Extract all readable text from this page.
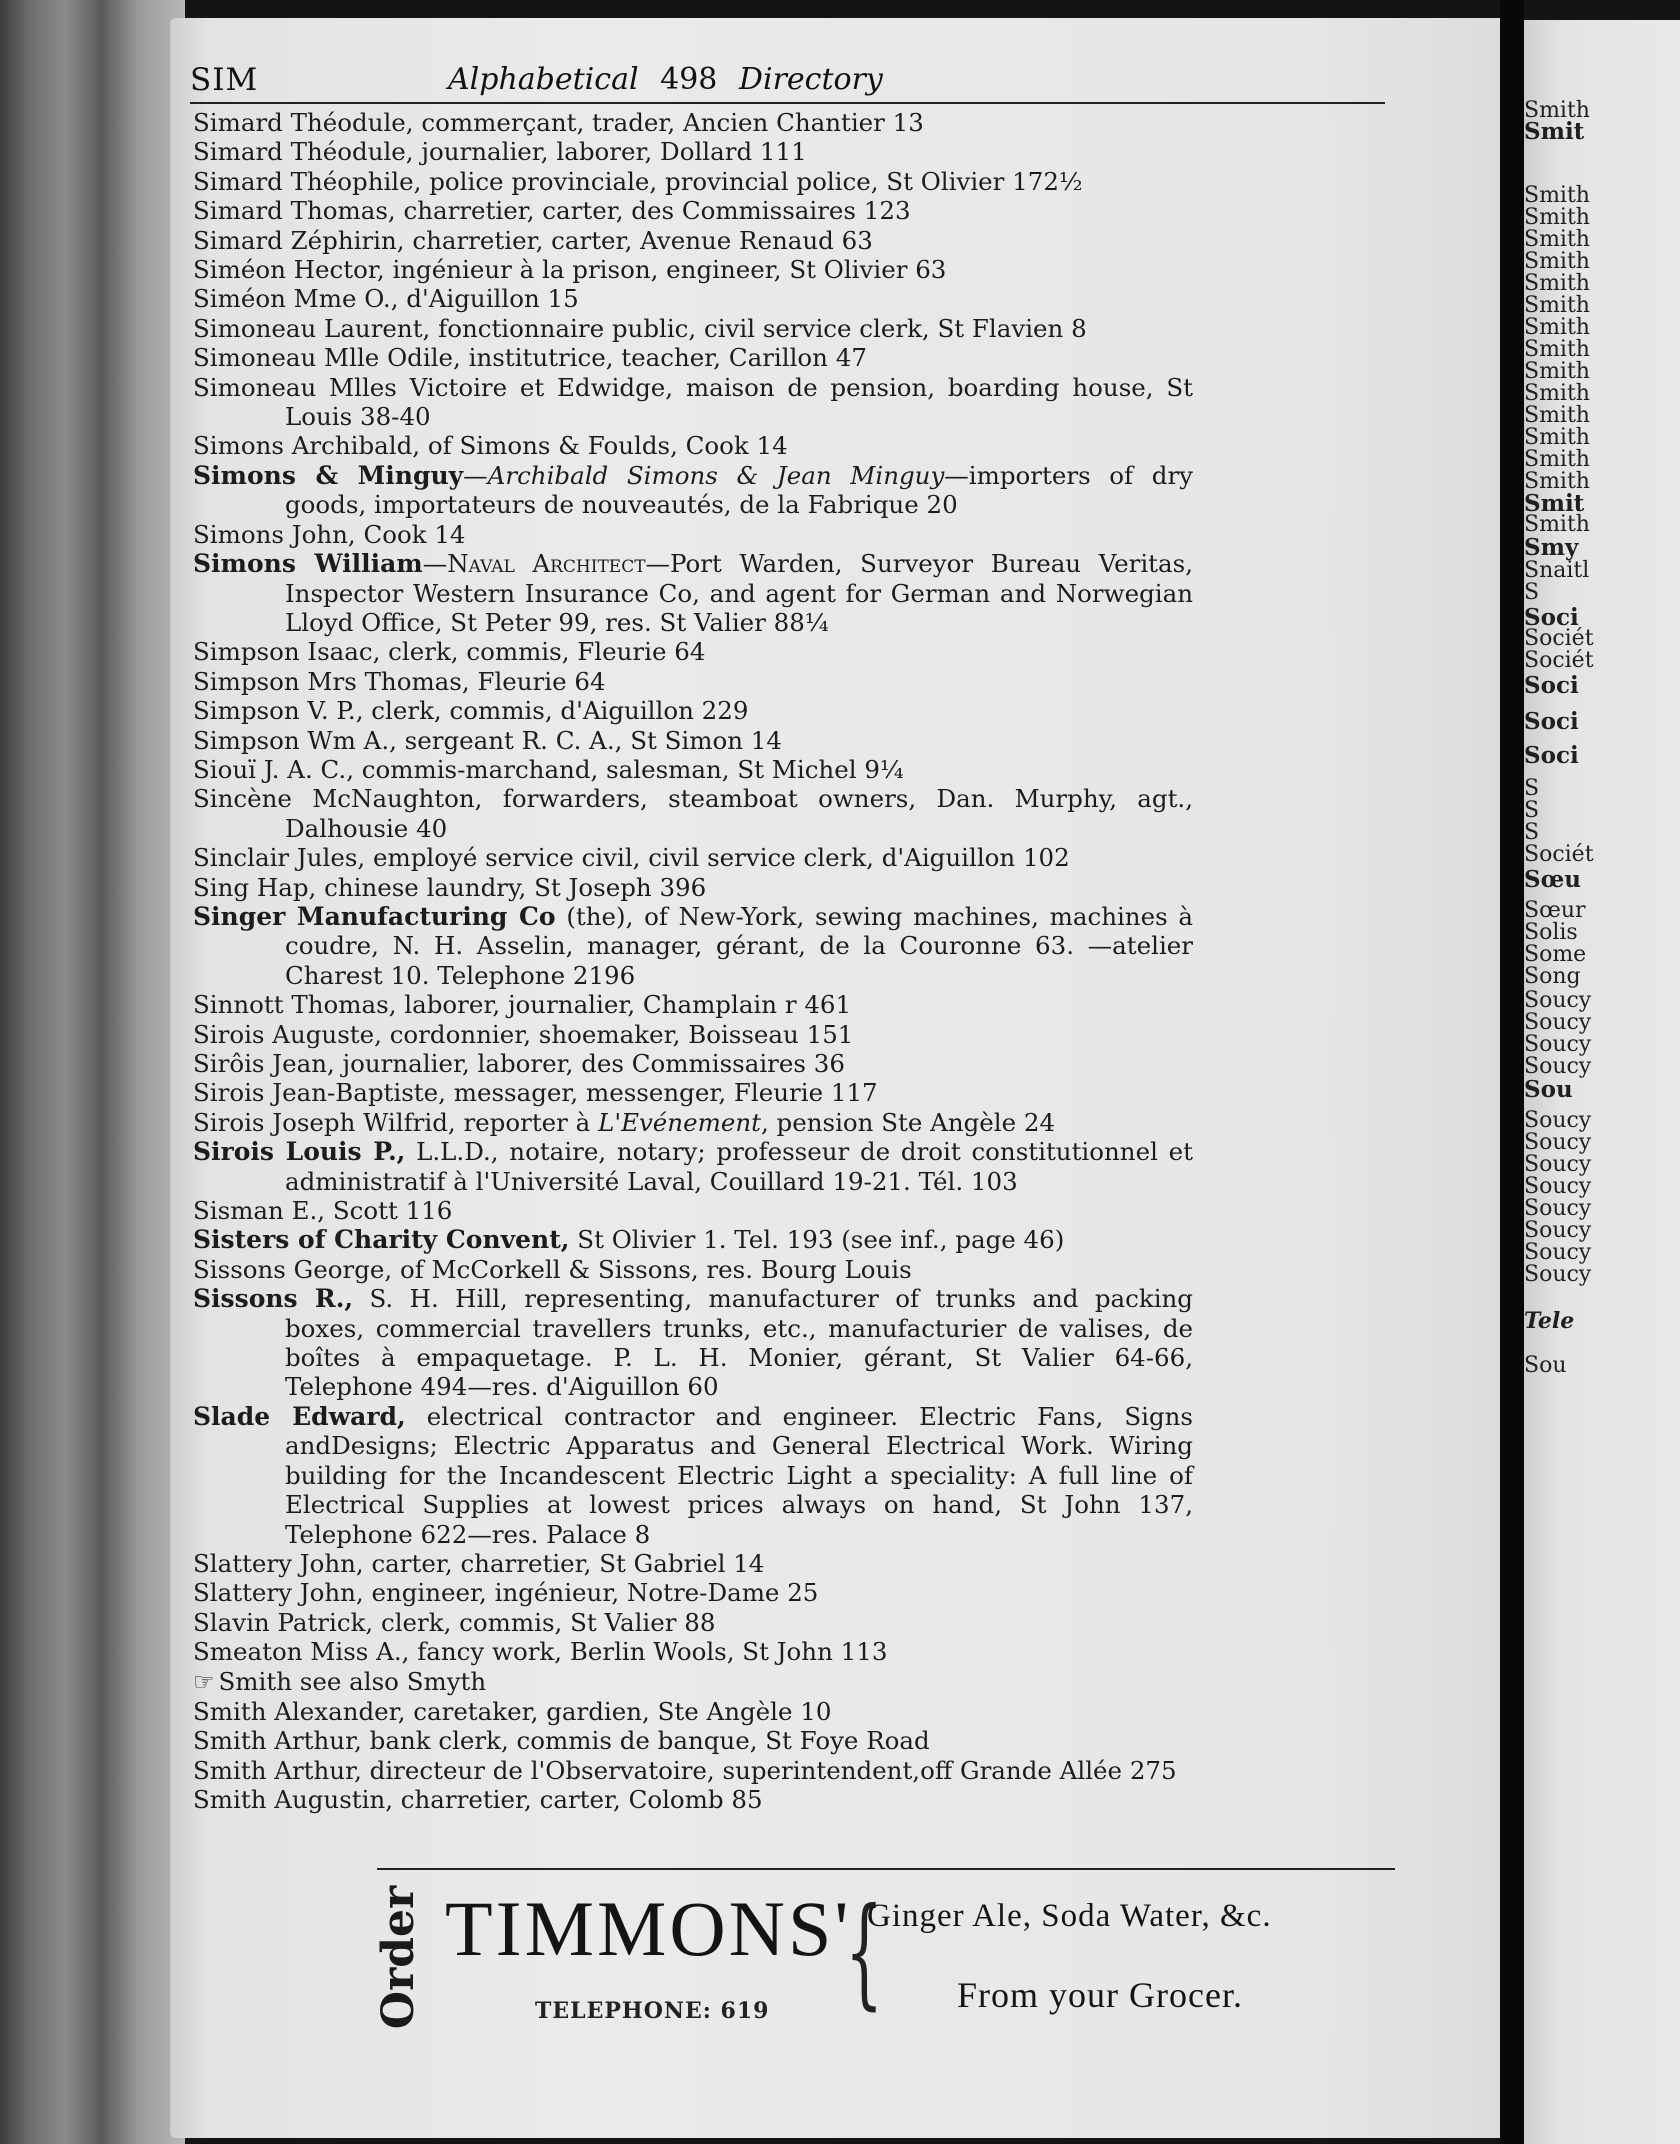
Smith
Smit
Smith
Smith
Smith
Smith
Smith
Smith
Smith
Smith
Smith
Smith
Smith
Smith
Smith
Smith
Smit
Smith
Smy
Snaitl
S
Soci
Sociét
Sociét
Soci
Soci
Soci
S
S
S
Sociét
Sœu
Sœur
Solis
Some
Song
Soucy
Soucy
Soucy
Soucy
Sou
Soucy
Soucy
Soucy
Soucy
Soucy
Soucy
Soucy
Soucy
Tele
Sou
SIM	Alphabetical 498 Directory

Simard Théodule, commerçant, trader, Ancien Chantier 13

Simard Théodule, journalier, laborer, Dollard 111

Simard Théophile, police provinciale, provincial police, St Olivier 172½

Simard Thomas, charretier, carter, des Commissaires 123

Simard Zéphirin, charretier, carter, Avenue Renaud 63

Siméon Hector, ingénieur à la prison, engineer, St Olivier 63

Siméon Mme O., d'Aiguillon 15

Simoneau Laurent, fonctionnaire public, civil service clerk, St Flavien 8

Simoneau Mlle Odile, institutrice, teacher, Carillon 47

Simoneau Mlles Victoire et Edwidge, maison de pension, boarding house, St Louis 38-40

Simons Archibald, of Simons & Foulds, Cook 14

Simons & Minguy—Archibald Simons & Jean Minguy—importers of dry goods, importateurs de nouveautés, de la Fabrique 20

Simons John, Cook 14

Simons William—Naval Architect—Port Warden, Surveyor Bureau Veritas, Inspector Western Insurance Co, and agent for German and Norwegian Lloyd Office, St Peter 99, res. St Valier 88¼

Simpson Isaac, clerk, commis, Fleurie 64

Simpson Mrs Thomas, Fleurie 64

Simpson V. P., clerk, commis, d'Aiguillon 229

Simpson Wm A., sergeant R. C. A., St Simon 14

Siouï J. A. C., commis-marchand, salesman, St Michel 9¼

Sincène McNaughton, forwarders, steamboat owners, Dan. Murphy, agt., Dalhousie 40

Sinclair Jules, employé service civil, civil service clerk, d'Aiguillon 102

Sing Hap, chinese laundry, St Joseph 396

Singer Manufacturing Co (the), of New-York, sewing machines, machines à coudre, N. H. Asselin, manager, gérant, de la Couronne 63. —atelier Charest 10. Telephone 2196

Sinnott Thomas, laborer, journalier, Champlain r 461

Sirois Auguste, cordonnier, shoemaker, Boisseau 151

Sirôis Jean, journalier, laborer, des Commissaires 36

Sirois Jean-Baptiste, messager, messenger, Fleurie 117

Sirois Joseph Wilfrid, reporter à L'Evénement, pension Ste Angèle 24

Sirois Louis P., L.L.D., notaire, notary; professeur de droit constitutionnel et administratif à l'Université Laval, Couillard 19-21. Tél. 103

Sisman E., Scott 116

Sisters of Charity Convent, St Olivier 1. Tel. 193 (see inf., page 46)

Sissons George, of McCorkell & Sissons, res. Bourg Louis

Sissons R., S. H. Hill, representing, manufacturer of trunks and packing boxes, commercial travellers trunks, etc., manufacturier de valises, de boîtes à empaquetage. P. L. H. Monier, gérant, St Valier 64-66, Telephone 494—res. d'Aiguillon 60

Slade Edward, electrical contractor and engineer. Electric Fans, Signs andDesigns; Electric Apparatus and General Electrical Work. Wiring building for the Incandescent Electric Light a speciality: A full line of Electrical Supplies at lowest prices always on hand, St John 137, Telephone 622—res. Palace 8

Slattery John, carter, charretier, St Gabriel 14

Slattery John, engineer, ingénieur, Notre-Dame 25

Slavin Patrick, clerk, commis, St Valier 88

Smeaton Miss A., fancy work, Berlin Wools, St John 113

☞ Smith see also Smyth

Smith Alexander, caretaker, gardien, Ste Angèle 10

Smith Arthur, bank clerk, commis de banque, St Foye Road

Smith Arthur, directeur de l'Observatoire, superintendent,off Grande Allée 275

Smith Augustin, charretier, carter, Colomb 85

Order TIMMONS'
TELEPHONE: 619 {
Ginger Ale, Soda Water, &c.
From your Grocer.
